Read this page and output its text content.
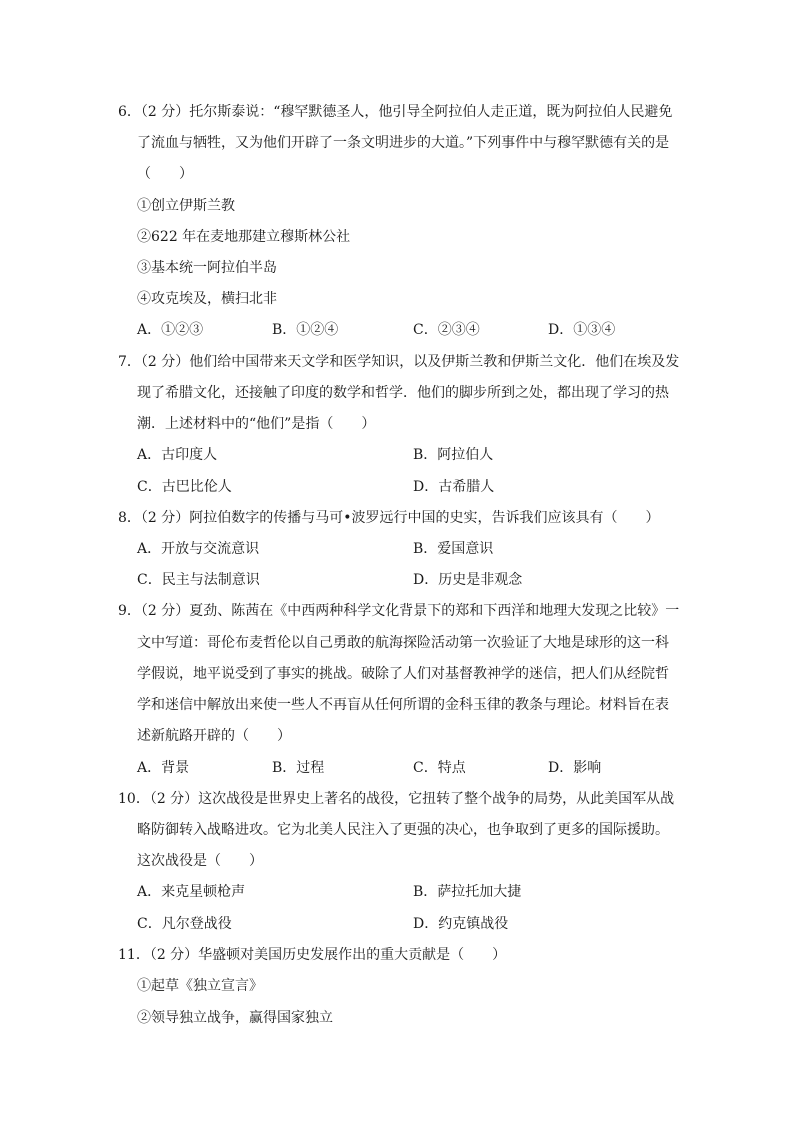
6．（2 分）托尔斯泰说：“穆罕默德圣人，他引导全阿拉伯人走正道，既为阿拉伯人民避免
了流血与牺牲，又为他们开辟了一条文明进步的大道。”下列事件中与穆罕默德有关的是
（　　）
①创立伊斯兰教
②622 年在麦地那建立穆斯林公社
③基本统一阿拉伯半岛
④攻克埃及，横扫北非
A．①②③	B．①②④	C．②③④	D．①③④
7．（2 分）他们给中国带来天文学和医学知识，以及伊斯兰教和伊斯兰文化．他们在埃及发
现了希腊文化，还接触了印度的数学和哲学．他们的脚步所到之处，都出现了学习的热
潮．上述材料中的“他们”是指（　　）
A．古印度人	B．阿拉伯人
C．古巴比伦人	D．古希腊人
8．（2 分）阿拉伯数字的传播与马可•波罗远行中国的史实，告诉我们应该具有（　　）
A．开放与交流意识	B．爱国意识
C．民主与法制意识	D．历史是非观念
9．（2 分）夏劲、陈茜在《中西两种科学文化背景下的郑和下西洋和地理大发现之比较》一
文中写道：哥伦布麦哲伦以自己勇敢的航海探险活动第一次验证了大地是球形的这一科
学假说，地平说受到了事实的挑战。破除了人们对基督教神学的迷信，把人们从经院哲
学和迷信中解放出来使一些人不再盲从任何所谓的金科玉律的教条与理论。材料旨在表
述新航路开辟的（　　）
A．背景	B．过程	C．特点	D．影响
10．（2 分）这次战役是世界史上著名的战役，它扭转了整个战争的局势，从此美国军从战
略防御转入战略进攻。它为北美人民注入了更强的决心，也争取到了更多的国际援助。
这次战役是（　　）
A．来克星顿枪声	B．萨拉托加大捷
C．凡尔登战役	D．约克镇战役
11．（2 分）华盛顿对美国历史发展作出的重大贡献是（　　）
①起草《独立宣言》
②领导独立战争，赢得国家独立
